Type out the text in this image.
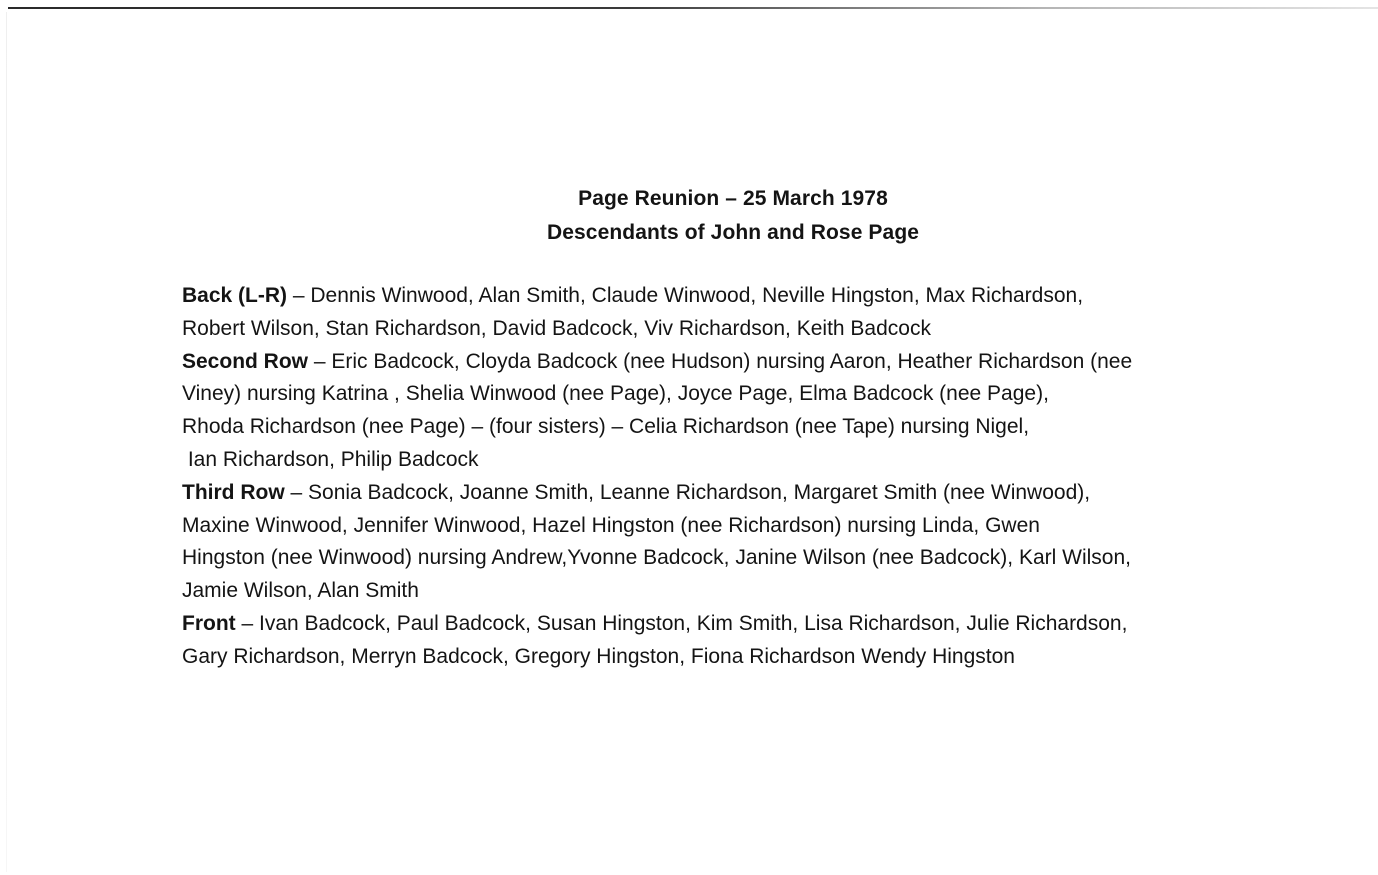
Page Reunion – 25 March 1978
Descendants of John and Rose Page
Back (L-R) – Dennis Winwood, Alan Smith, Claude Winwood, Neville Hingston, Max Richardson,
Robert Wilson, Stan Richardson, David Badcock, Viv Richardson, Keith Badcock
Second Row – Eric Badcock, Cloyda Badcock (nee Hudson) nursing Aaron, Heather Richardson (nee
Viney) nursing Katrina , Shelia Winwood (nee Page), Joyce Page, Elma Badcock (nee Page),
Rhoda Richardson (nee Page) – (four sisters) – Celia Richardson (nee Tape) nursing Nigel,
Ian Richardson, Philip Badcock
Third Row – Sonia Badcock, Joanne Smith, Leanne Richardson, Margaret Smith (nee Winwood),
Maxine Winwood, Jennifer Winwood, Hazel Hingston (nee Richardson) nursing Linda, Gwen
Hingston (nee Winwood) nursing Andrew,Yvonne Badcock, Janine Wilson (nee Badcock), Karl Wilson,
Jamie Wilson, Alan Smith
Front – Ivan Badcock, Paul Badcock, Susan Hingston, Kim Smith, Lisa Richardson, Julie Richardson,
Gary Richardson, Merryn Badcock, Gregory Hingston, Fiona Richardson Wendy Hingston
